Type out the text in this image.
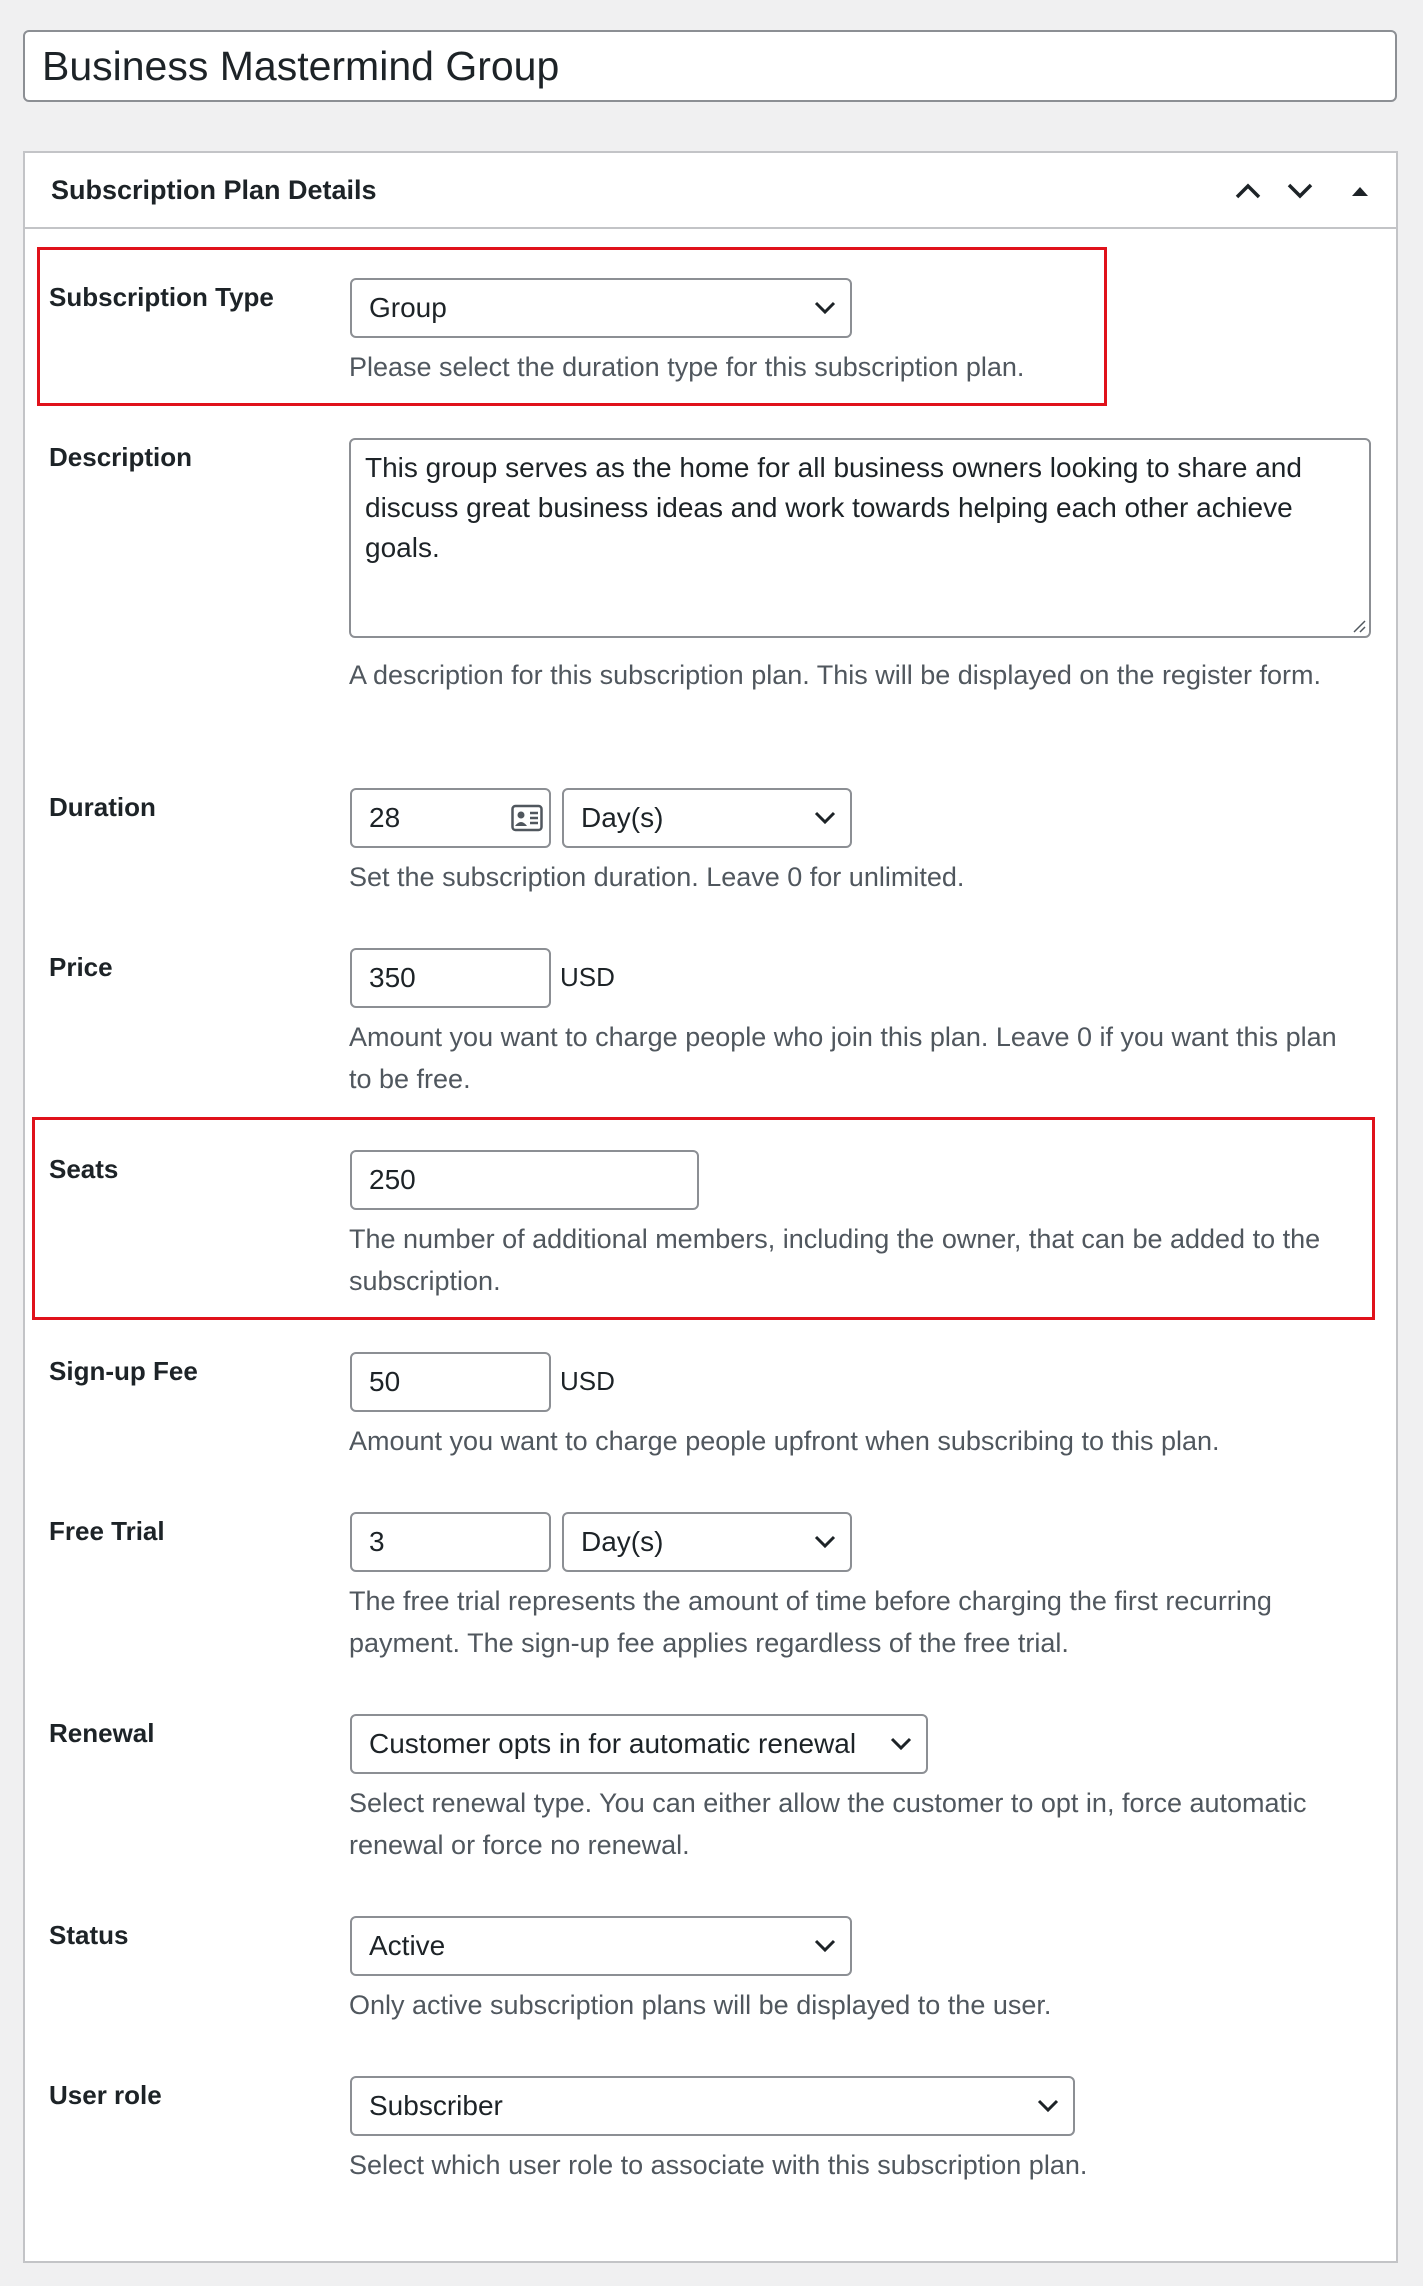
Business Mastermind Group
Subscription Plan Details
Subscription Type	Group
Please select the duration type for this subscription plan.
Description	This group serves as the home for all business owners looking to share and discuss great business ideas and work towards helping each other achieve goals.
A description for this subscription plan. This will be displayed on the register form.
Duration	28	Day(s)
Set the subscription duration. Leave 0 for unlimited.
Price	350	USD
Amount you want to charge people who join this plan. Leave 0 if you want this plan to be free.
Seats	250
The number of additional members, including the owner, that can be added to the subscription.
Sign-up Fee	50	USD
Amount you want to charge people upfront when subscribing to this plan.
Free Trial	3	Day(s)
The free trial represents the amount of time before charging the first recurring payment. The sign-up fee applies regardless of the free trial.
Renewal	Customer opts in for automatic renewal
Select renewal type. You can either allow the customer to opt in, force automatic renewal or force no renewal.
Status	Active
Only active subscription plans will be displayed to the user.
User role	Subscriber
Select which user role to associate with this subscription plan.
